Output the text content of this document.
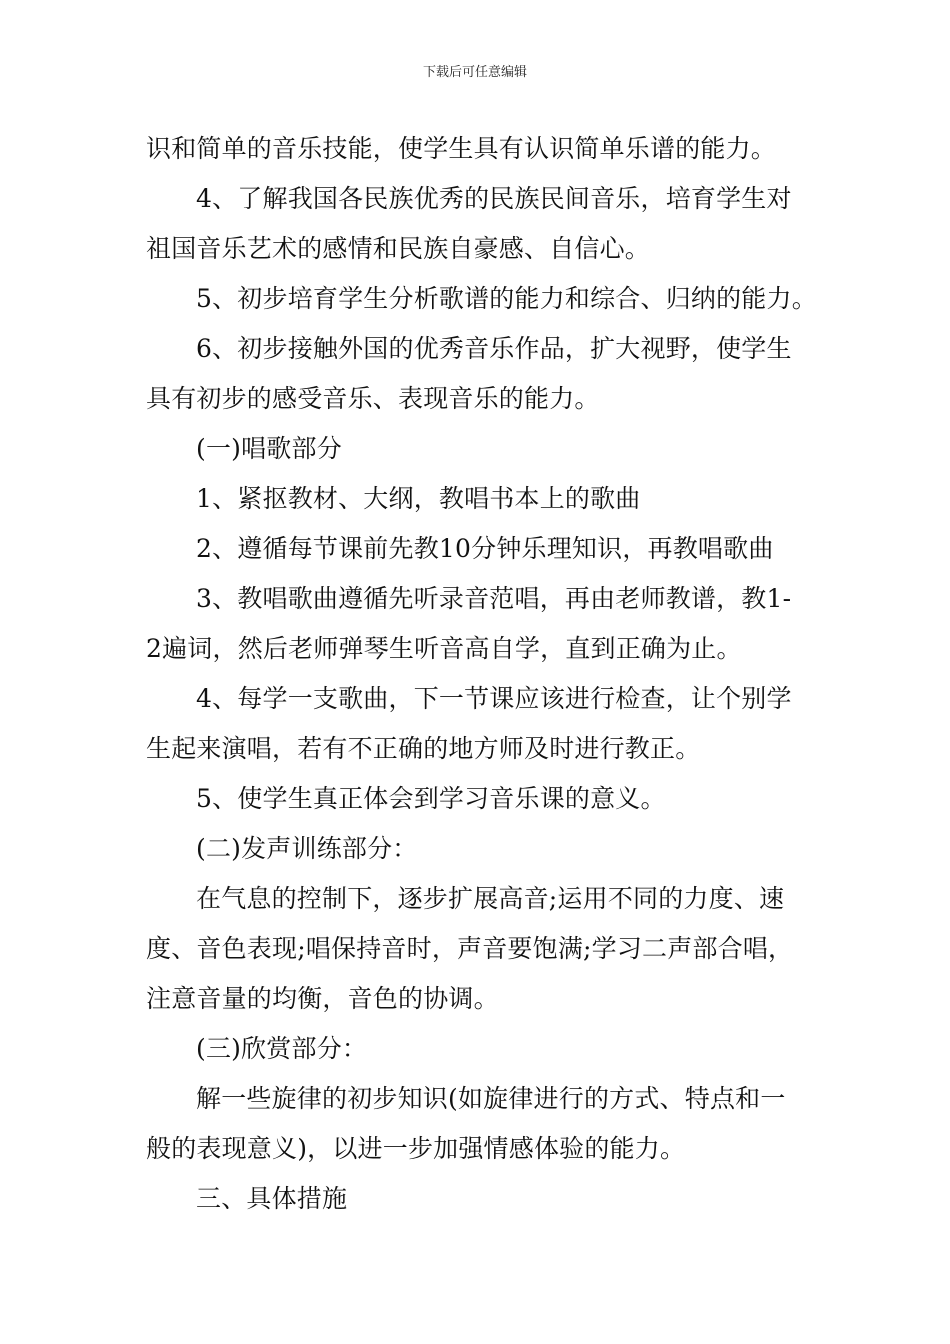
下载后可任意编辑
识和简单的音乐技能，使学生具有认识简单乐谱的能力。
4、了解我国各民族优秀的民族民间音乐，培育学生对
祖国音乐艺术的感情和民族自豪感、自信心。
5、初步培育学生分析歌谱的能力和综合、归纳的能力。
6、初步接触外国的优秀音乐作品，扩大视野，使学生
具有初步的感受音乐、表现音乐的能力。
(一)唱歌部分
1、紧抠教材、大纲，教唱书本上的歌曲
2、遵循每节课前先教10分钟乐理知识，再教唱歌曲
3、教唱歌曲遵循先听录音范唱，再由老师教谱，教1-
2遍词，然后老师弹琴生听音高自学，直到正确为止。
4、每学一支歌曲，下一节课应该进行检查，让个别学
生起来演唱，若有不正确的地方师及时进行教正。
5、使学生真正体会到学习音乐课的意义。
(二)发声训练部分：
在气息的控制下，逐步扩展高音;运用不同的力度、速
度、音色表现;唱保持音时，声音要饱满;学习二声部合唱，
注意音量的均衡，音色的协调。
(三)欣赏部分：
解一些旋律的初步知识(如旋律进行的方式、特点和一
般的表现意义)，以进一步加强情感体验的能力。
三、具体措施
